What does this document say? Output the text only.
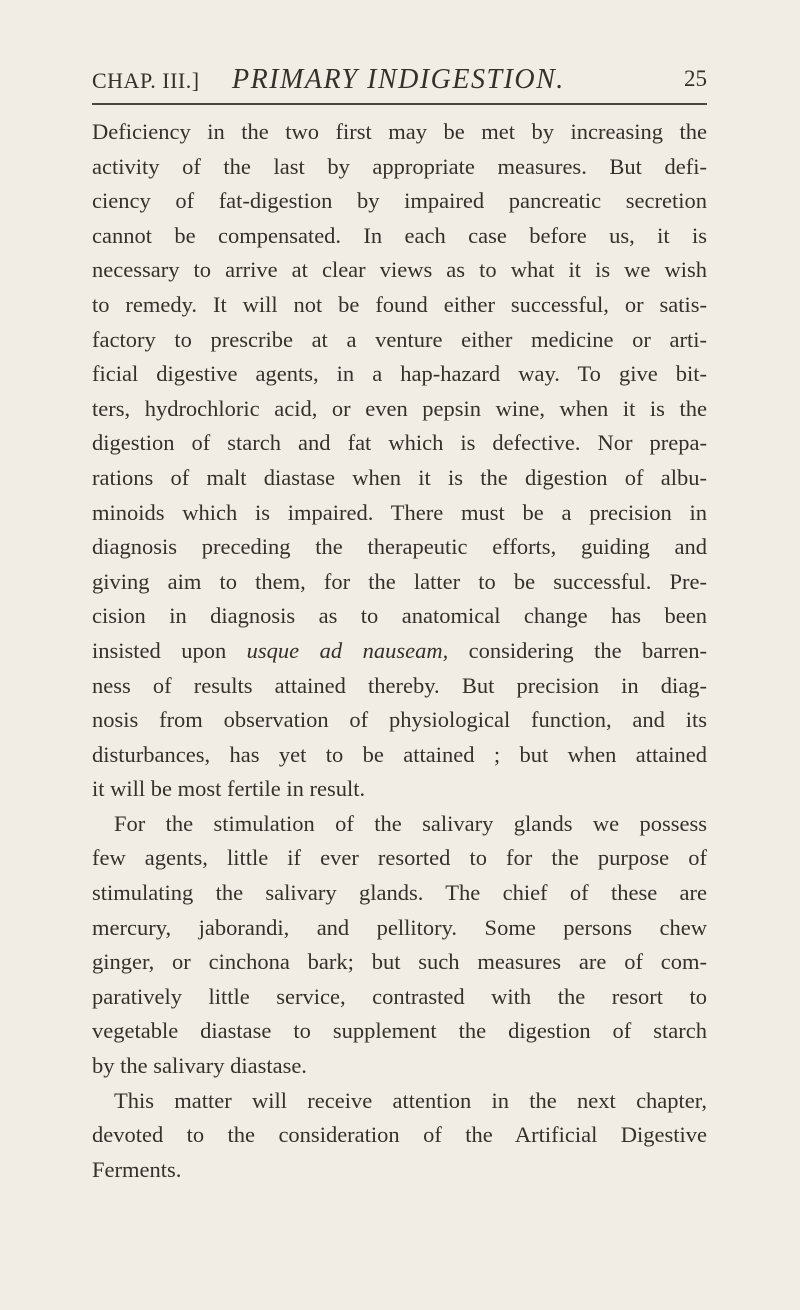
CHAP. III.] PRIMARY INDIGESTION.	25
Deficiency in the two first may be met by increasing the
activity of the last by appropriate measures. But defi-
ciency of fat-digestion by impaired pancreatic secretion
cannot be compensated. In each case before us, it is
necessary to arrive at clear views as to what it is we wish
to remedy. It will not be found either successful, or satis-
factory to prescribe at a venture either medicine or arti-
ficial digestive agents, in a hap-hazard way. To give bit-
ters, hydrochloric acid, or even pepsin wine, when it is the
digestion of starch and fat which is defective. Nor prepa-
rations of malt diastase when it is the digestion of albu-
minoids which is impaired. There must be a precision in
diagnosis preceding the therapeutic efforts, guiding and
giving aim to them, for the latter to be successful. Pre-
cision in diagnosis as to anatomical change has been
insisted upon usque ad nauseam, considering the barren-
ness of results attained thereby. But precision in diag-
nosis from observation of physiological function, and its
disturbances, has yet to be attained ; but when attained
it will be most fertile in result.
For the stimulation of the salivary glands we possess
few agents, little if ever resorted to for the purpose of
stimulating the salivary glands. The chief of these are
mercury, jaborandi, and pellitory. Some persons chew
ginger, or cinchona bark; but such measures are of com-
paratively little service, contrasted with the resort to
vegetable diastase to supplement the digestion of starch
by the salivary diastase.
This matter will receive attention in the next chapter,
devoted to the consideration of the Artificial Digestive
Ferments.
